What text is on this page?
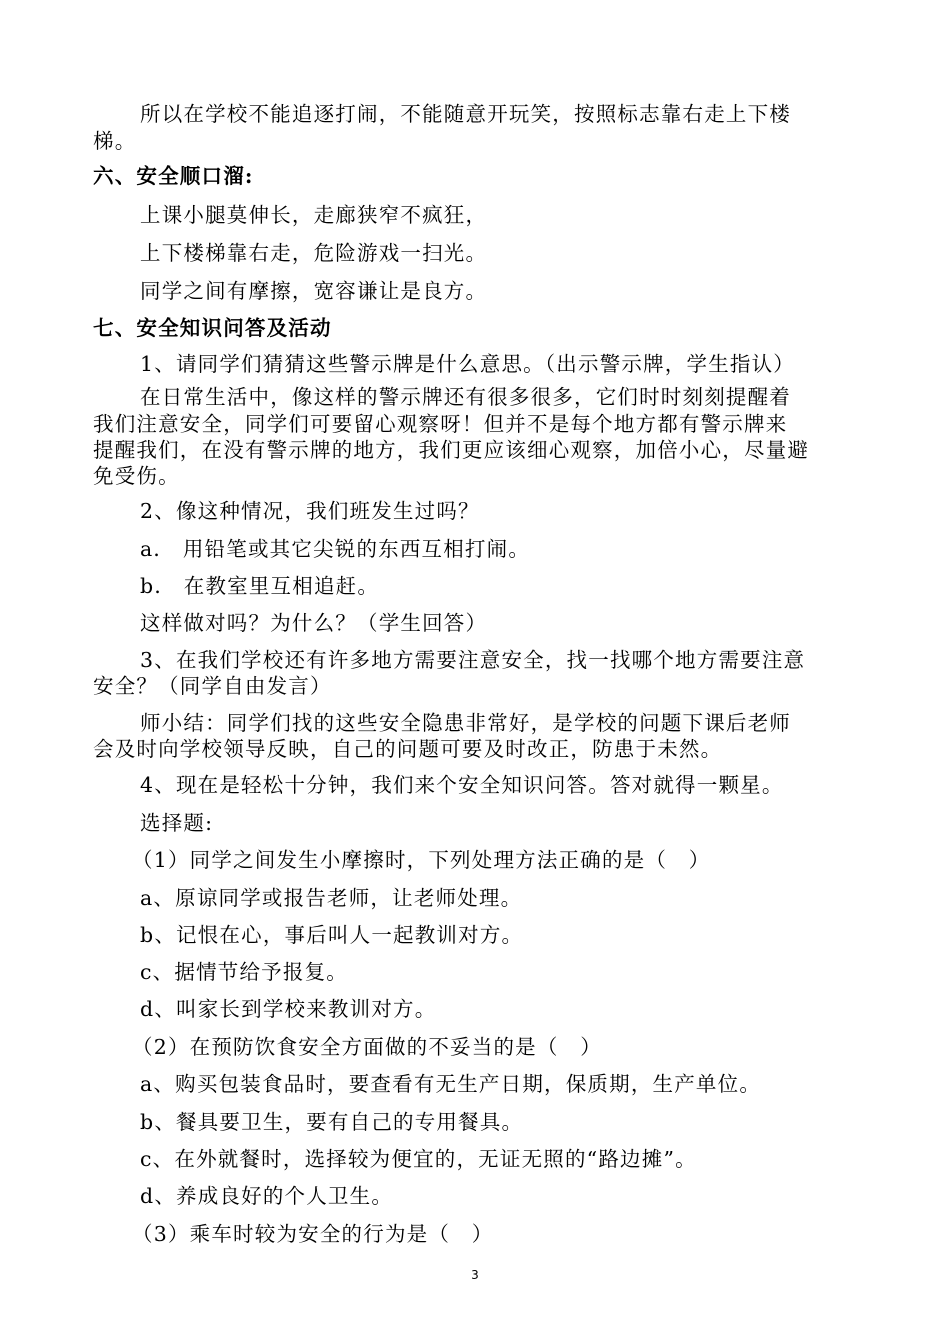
所以在学校不能追逐打闹，不能随意开玩笑，按照标志靠右走上下楼
梯。
六、安全顺口溜:
上课小腿莫伸长，走廊狭窄不疯狂，
上下楼梯靠右走，危险游戏一扫光。
同学之间有摩擦，宽容谦让是良方。
七、安全知识问答及活动
1、请同学们猜猜这些警示牌是什么意思。（出示警示牌，学生指认）
在日常生活中，像这样的警示牌还有很多很多，它们时时刻刻提醒着
我们注意安全，同学们可要留心观察呀！但并不是每个地方都有警示牌来
提醒我们，在没有警示牌的地方，我们更应该细心观察，加倍小心，尽量避
免受伤。
2、像这种情况，我们班发生过吗？
a． 用铅笔或其它尖锐的东西互相打闹。
b． 在教室里互相追赶。
这样做对吗？为什么？（学生回答）
3、在我们学校还有许多地方需要注意安全，找一找哪个地方需要注意
安全？（同学自由发言）
师小结：同学们找的这些安全隐患非常好，是学校的问题下课后老师
会及时向学校领导反映，自己的问题可要及时改正，防患于未然。
4、现在是轻松十分钟，我们来个安全知识问答。答对就得一颗星。
选择题:
（1）同学之间发生小摩擦时，下列处理方法正确的是（　）
a、原谅同学或报告老师，让老师处理。
b、记恨在心，事后叫人一起教训对方。
c、据情节给予报复。
d、叫家长到学校来教训对方。
（2）在预防饮食安全方面做的不妥当的是（　）
a、购买包装食品时，要查看有无生产日期，保质期，生产单位。
b、餐具要卫生，要有自己的专用餐具。
c、在外就餐时，选择较为便宜的，无证无照的“路边摊”。
d、养成良好的个人卫生。
（3）乘车时较为安全的行为是（　）
3
